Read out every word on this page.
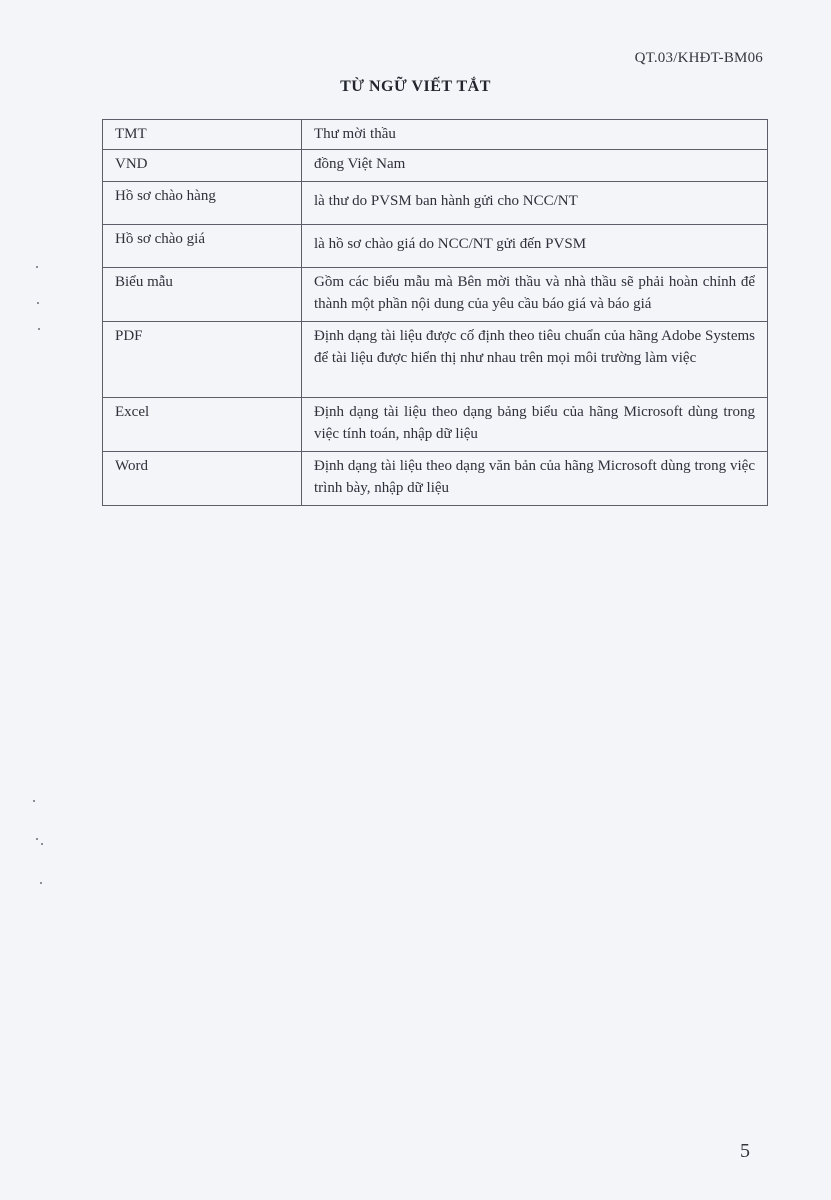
QT.03/KHĐT-BM06
TỪ NGỮ VIẾT TẮT
TMT	Thư mời thầu
VND	đồng Việt Nam
Hồ sơ chào hàng	là thư do PVSM ban hành gửi cho NCC/NT
Hồ sơ chào giá	là hồ sơ chào giá do NCC/NT gửi đến PVSM
Biểu mẫu	Gồm các biểu mẫu mà Bên mời thầu và nhà thầu sẽ phải hoàn chỉnh để thành một phần nội dung của yêu cầu báo giá và báo giá
PDF	Định dạng tài liệu được cố định theo tiêu chuẩn của hãng Adobe Systems để tài liệu được hiển thị như nhau trên mọi môi trường làm việc
Excel	Định dạng tài liệu theo dạng bảng biểu của hãng Microsoft dùng trong việc tính toán, nhập dữ liệu
Word	Định dạng tài liệu theo dạng văn bản của hãng Microsoft dùng trong việc trình bày, nhập dữ liệu
5
